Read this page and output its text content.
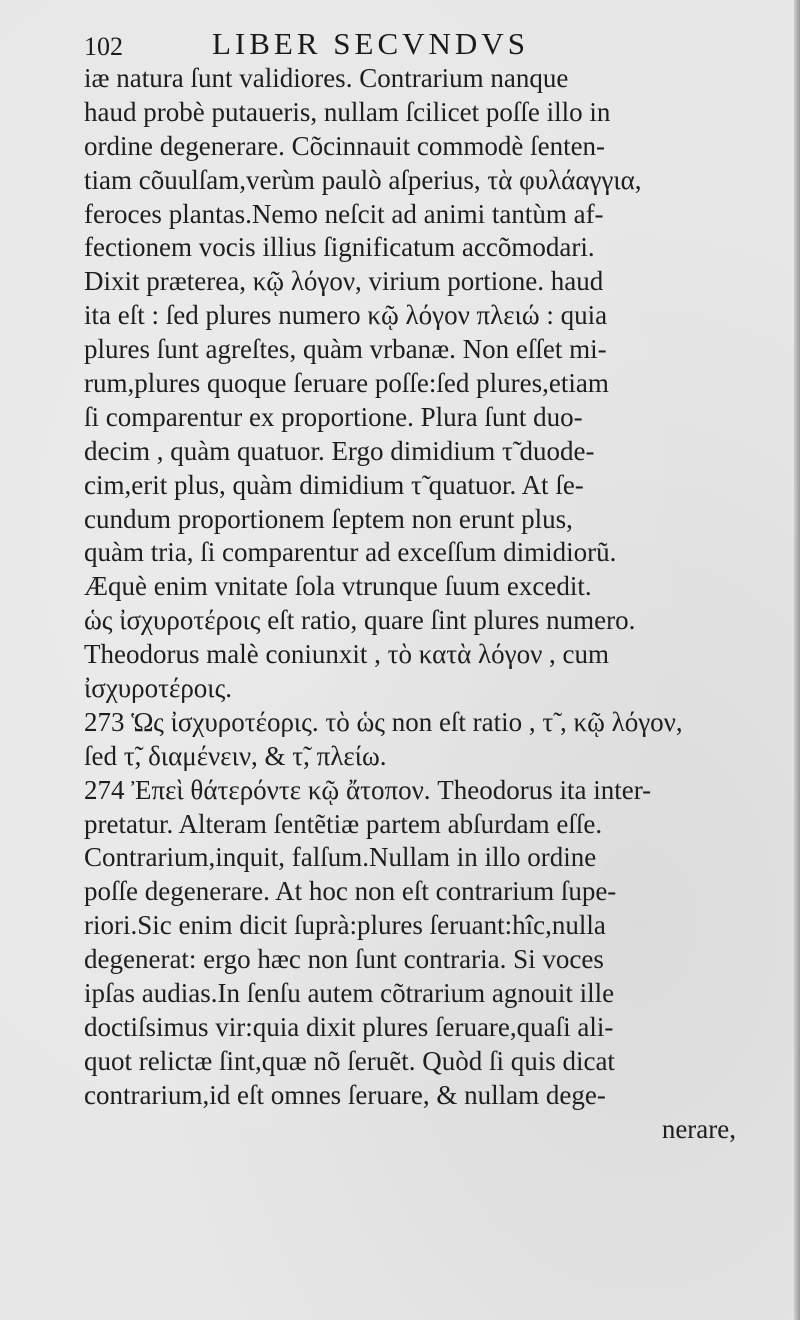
102	LIBER SECVNDVS
iæ natura ſunt validiores. Contrarium nanque
haud probè putaueris, nullam ſcilicet poſſe illo in
ordine degenerare. Cõcinnauit commodè ſenten-
tiam cõuulſam,verùm paulò aſperius, τὰ φυλάαγγια,
feroces plantas.Nemo neſcit ad animi tantùm af-
fectionem vocis illius ſignificatum accõmodari.
Dixit præterea, κῷ λόγον, virium portione. haud
ita eſt : ſed plures numero κῷ λόγον πλειώ : quia
plures ſunt agreſtes, quàm vrbanæ. Non eſſet mi-
rum,plures quoque ſeruare poſſe:ſed plures,etiam
ſi comparentur ex proportione. Plura ſunt duo-
decim , quàm quatuor. Ergo dimidium τ̃ duode-
cim,erit plus, quàm dimidium τ̃ quatuor. At ſe-
cundum proportionem ſeptem non erunt plus,
quàm tria, ſi comparentur ad exceſſum dimidiorũ.
Æquè enim vnitate ſola vtrunque ſuum excedit.
ὡς ἰσχυροτέροις eſt ratio, quare ſint plures numero.
Theodorus malè coniunxit , τὸ κατὰ λόγον , cum
ἰσχυροτέροις.
273 Ὡς ἰσχυροτέορις. τὸ ὡς non eſt ratio , τ̃ , κῷ λόγον,
ſed τ̃, διαμένειν, & τ̃, πλείω.
274 Ἐπεὶ θάτερόντε κῷ ἄτοπον. Theodorus ita inter-
pretatur. Alteram ſentẽtiæ partem abſurdam eſſe.
Contrarium,inquit, falſum.Nullam in illo ordine
poſſe degenerare. At hoc non eſt contrarium ſupe-
riori.Sic enim dicit ſuprà:plures ſeruant:hîc,nulla
degenerat: ergo hæc non ſunt contraria. Si voces
ipſas audias.In ſenſu autem cõtrarium agnouit ille
doctiſsimus vir:quia dixit plures ſeruare,quaſi ali-
quot relictæ ſint,quæ nõ ſeruẽt. Quòd ſi quis dicat
contrarium,id eſt omnes ſeruare, & nullam dege-
nerare,
